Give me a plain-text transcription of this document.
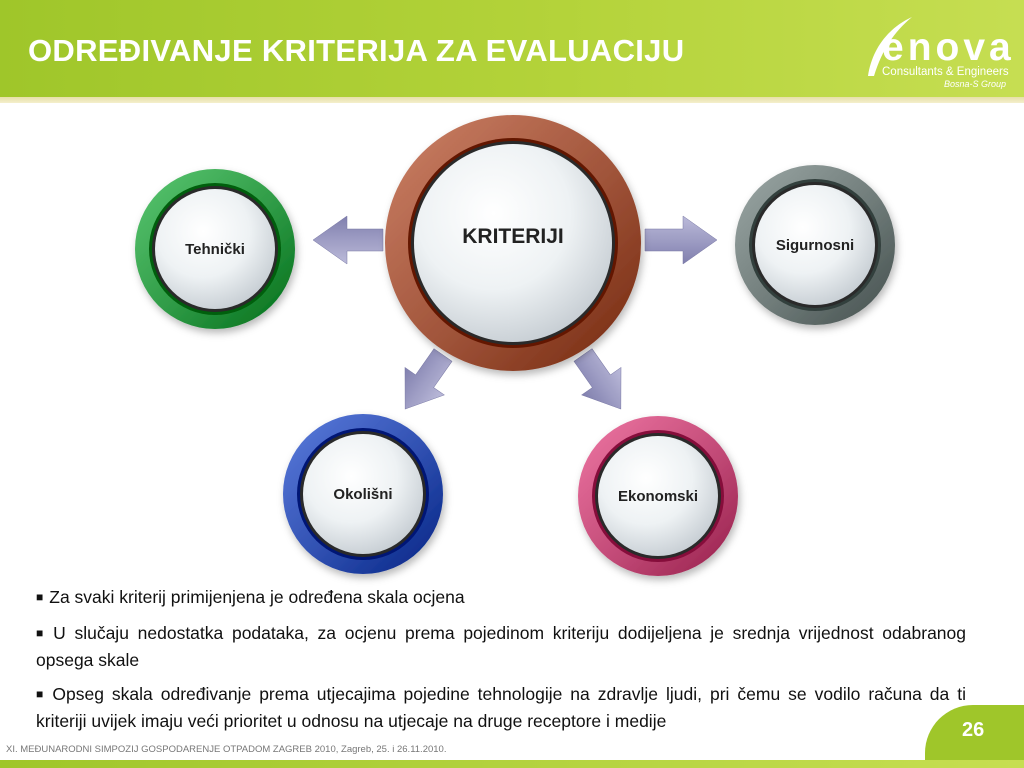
ODREĐIVANJE KRITERIJA ZA EVALUACIJU	enova
Consultants & Engineers
Bosna-S Group
KRITERIJI
Tehnički	Sigurnosni
Okolišni	Ekonomski
■ Za svaki kriterij primijenjena je određena skala ocjena
■ U slučaju nedostatka podataka, za ocjenu prema pojedinom kriteriju dodijeljena je srednja vrijednost odabranog opsega skale
■ Opseg skala određivanje prema utjecajima pojedine tehnologije na zdravlje ljudi, pri čemu se vodilo računa da ti kriteriji uvijek imaju veći prioritet u odnosu na utjecaje na druge receptore i medije	26
XI. MEĐUNARODNI SIMPOZIJ GOSPODARENJE OTPADOM ZAGREB 2010, Zagreb, 25. i 26.11.2010.
